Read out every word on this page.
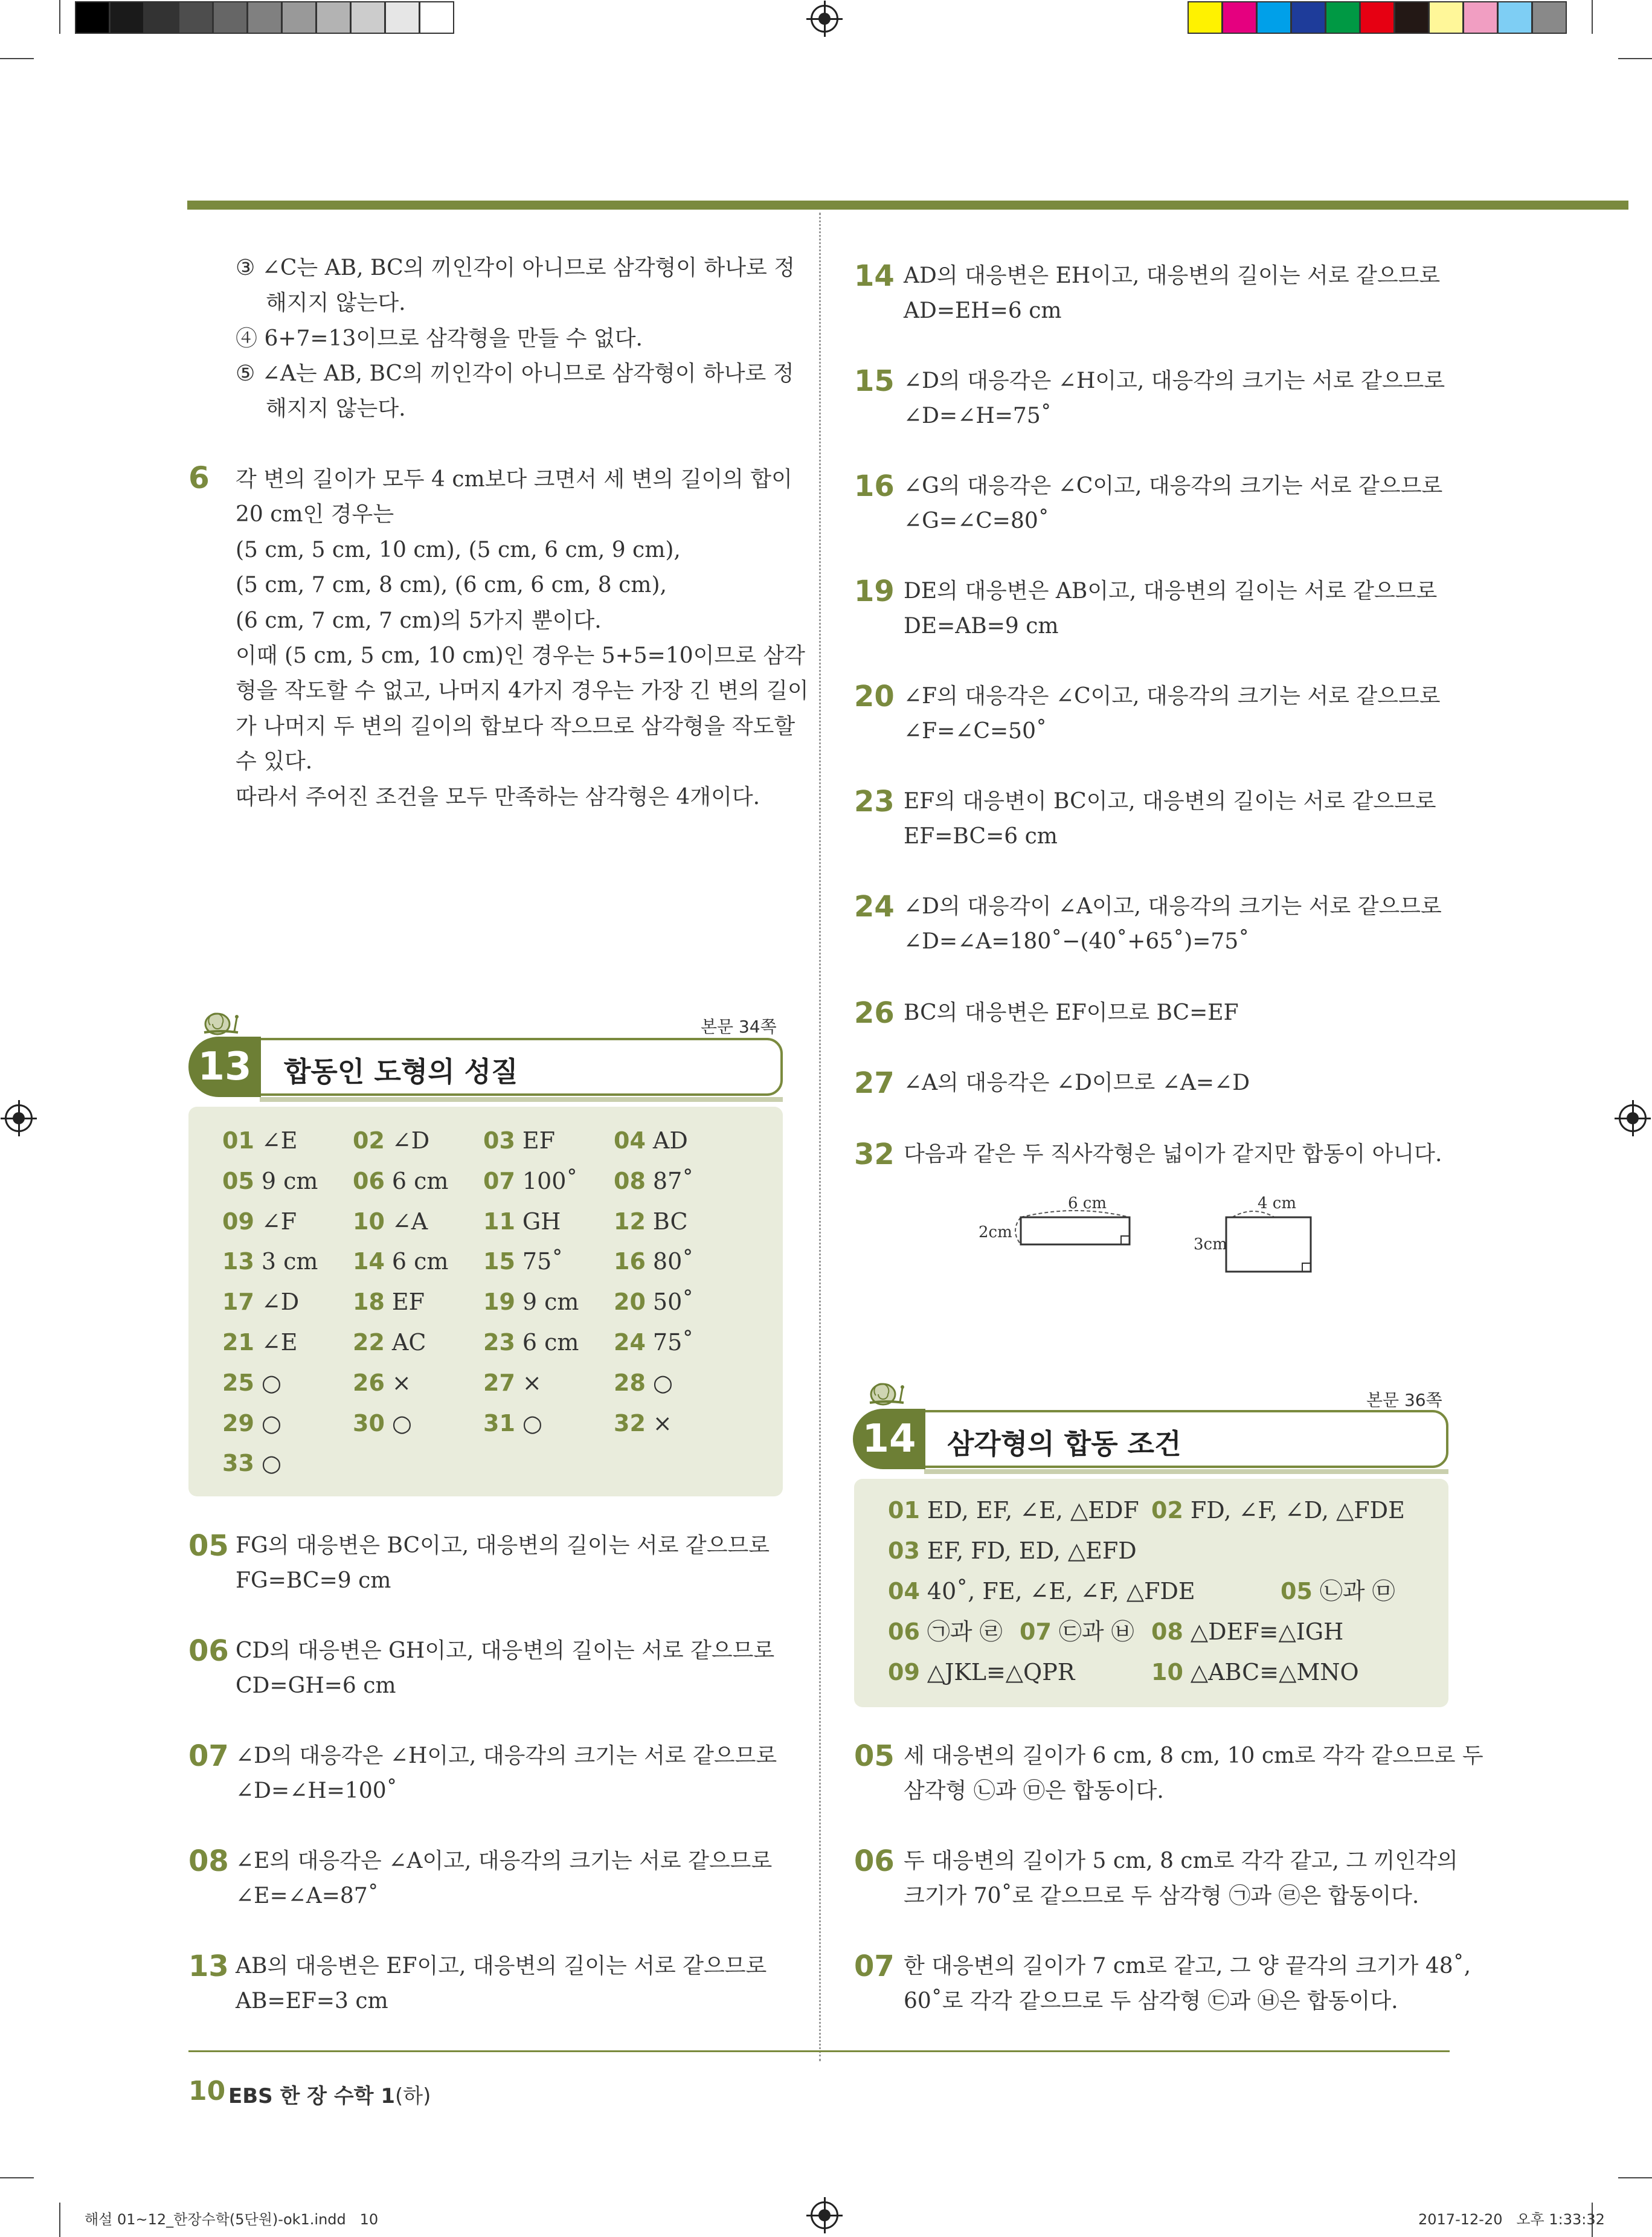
③ ∠C는 AB, BC의 끼인각이 아니므로 삼각형이 하나로 정
해지지 않는다.
④ 6+7=13이므로 삼각형을 만들 수 없다.
⑤ ∠A는 AB, BC의 끼인각이 아니므로 삼각형이 하나로 정
해지지 않는다.
6 각 변의 길이가 모두 4 cm보다 크면서 세 변의 길이의 합이
20 cm인 경우는
(5 cm, 5 cm, 10 cm), (5 cm, 6 cm, 9 cm),
(5 cm, 7 cm, 8 cm), (6 cm, 6 cm, 8 cm),
(6 cm, 7 cm, 7 cm)의 5가지 뿐이다.
이때 (5 cm, 5 cm, 10 cm)인 경우는 5+5=10이므로 삼각
형을 작도할 수 없고, 나머지 4가지 경우는 가장 긴 변의 길이
가 나머지 두 변의 길이의 합보다 작으므로 삼각형을 작도할
수 있다.
따라서 주어진 조건을 모두 만족하는 삼각형은 4개이다.
본문 34쪽
13	합동인 도형의 성질
01 ∠E 02 ∠D 03 EF	04 AD
05 9 cm 06 6 cm 07 100˚ 08 87˚
09 ∠F 10 ∠A 11 GH 12 BC
13 3 cm 14 6 cm 15 75˚ 16 80˚
17 ∠D 18 EF	19 9 cm 20 50˚
21 ∠E 22 AC 23 6 cm 24 75˚
25 ○	26 ×	27 ×	28 ○
29 ○	30 ○	31 ○	32 ×
33 ○
05 FG의 대응변은 BC이고, 대응변의 길이는 서로 같으므로
FG=BC=9 cm
06 CD의 대응변은 GH이고, 대응변의 길이는 서로 같으므로
CD=GH=6 cm
07 ∠D의 대응각은 ∠H이고, 대응각의 크기는 서로 같으므로
∠D=∠H=100˚
08 ∠E의 대응각은 ∠A이고, 대응각의 크기는 서로 같으므로
∠E=∠A=87˚
13 AB의 대응변은 EF이고, 대응변의 길이는 서로 같으므로
AB=EF=3 cm
14 AD의 대응변은 EH이고, 대응변의 길이는 서로 같으므로
AD=EH=6 cm
15 ∠D의 대응각은 ∠H이고, 대응각의 크기는 서로 같으므로
∠D=∠H=75˚
16 ∠G의 대응각은 ∠C이고, 대응각의 크기는 서로 같으므로
∠G=∠C=80˚
19 DE의 대응변은 AB이고, 대응변의 길이는 서로 같으므로
DE=AB=9 cm
20 ∠F의 대응각은 ∠C이고, 대응각의 크기는 서로 같으므로
∠F=∠C=50˚
23 EF의 대응변이 BC이고, 대응변의 길이는 서로 같으므로
EF=BC=6 cm
24 ∠D의 대응각이 ∠A이고, 대응각의 크기는 서로 같으므로
∠D=∠A=180˚−(40˚+65˚)=75˚
26 BC의 대응변은 EF이므로 BC=EF
27 ∠A의 대응각은 ∠D이므로 ∠A=∠D
32 다음과 같은 두 직사각형은 넓이가 같지만 합동이 아니다.
6 cm
2cm
4 cm
3cm
본문 36쪽
14	삼각형의 합동 조건
01 ED, EF, ∠E, △EDF 02 FD, ∠F, ∠D, △FDE
03 EF, FD, ED, △EFD
04 40˚, FE, ∠E, ∠F, △FDE	05 ㉡과 ㉤
06 ㉠과 ㉣ 07 ㉢과 ㉥ 08 △DEF≡△IGH
09 △JKL≡△QPR	10 △ABC≡△MNO
05 세 대응변의 길이가 6 cm, 8 cm, 10 cm로 각각 같으므로 두
삼각형 ㉡과 ㉤은 합동이다.
06 두 대응변의 길이가 5 cm, 8 cm로 각각 같고, 그 끼인각의
크기가 70˚로 같으므로 두 삼각형 ㉠과 ㉣은 합동이다.
07 한 대응변의 길이가 7 cm로 같고, 그 양 끝각의 크기가 48˚,
60˚로 각각 같으므로 두 삼각형 ㉢과 ㉥은 합동이다.
10 EBS 한 장 수학 1(하)
해설 01~12_한장수학(5단원)-ok1.indd   10	2017-12-20   오후 1:33:32
